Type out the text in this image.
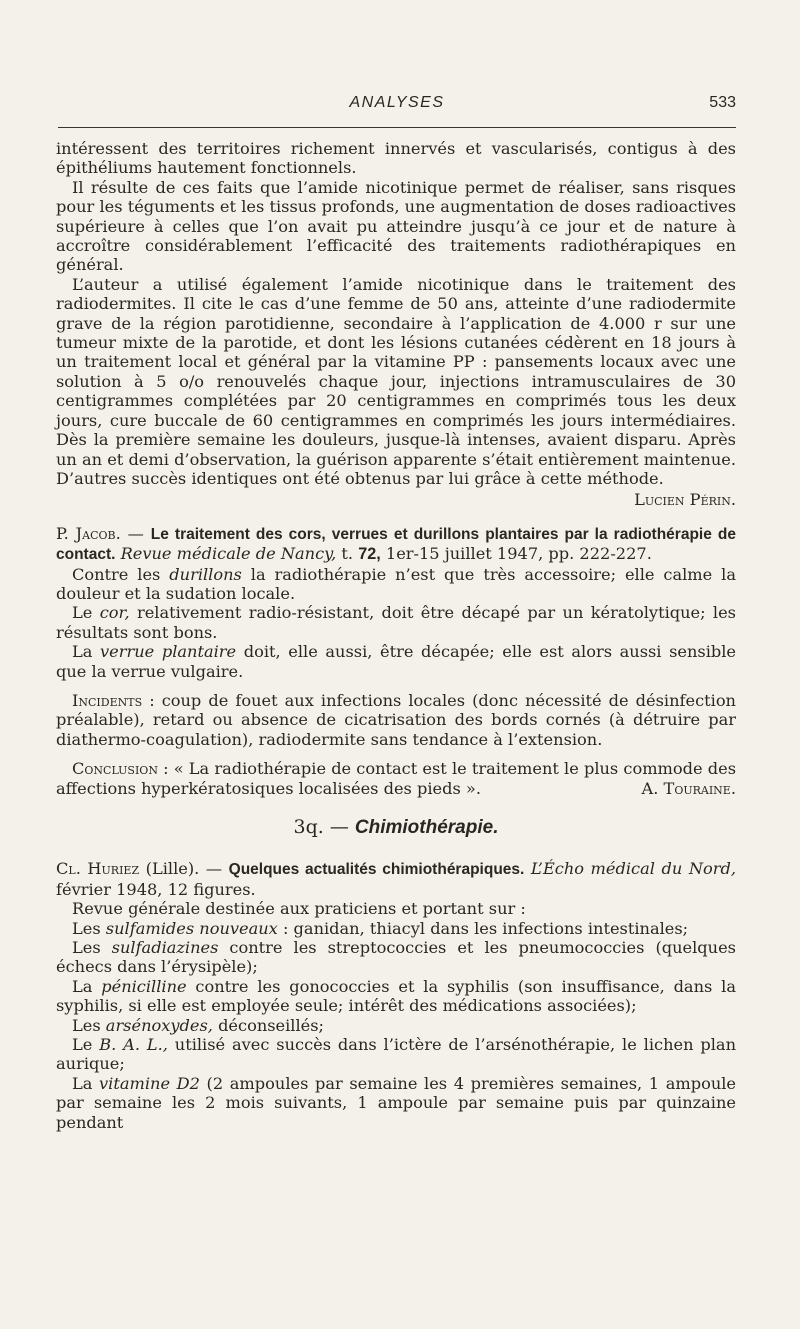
ANALYSES	533

intéressent des territoires richement innervés et vascularisés, contigus à des épithéliums hautement fonctionnels.

Il résulte de ces faits que l’amide nicotinique permet de réaliser, sans risques pour les téguments et les tissus profonds, une augmentation de doses radioactives supérieure à celles que l’on avait pu atteindre jusqu’à ce jour et de nature à accroître considérablement l’efficacité des traitements radiothérapiques en général.

L’auteur a utilisé également l’amide nicotinique dans le traitement des radiodermites. Il cite le cas d’une femme de 50 ans, atteinte d’une radiodermite grave de la région parotidienne, secondaire à l’application de 4.000 r sur une tumeur mixte de la parotide, et dont les lésions cutanées cédèrent en 18 jours à un traitement local et général par la vitamine PP : pansements locaux avec une solution à 5 o/o renouvelés chaque jour, injections intramusculaires de 30 centigrammes complétées par 20 centigrammes en comprimés tous les deux jours, cure buccale de 60 centigrammes en comprimés les jours intermédiaires. Dès la première semaine les douleurs, jusque-là intenses, avaient disparu. Après un an et demi d’observation, la guérison apparente s’était entièrement maintenue. D’autres succès identiques ont été obtenus par lui grâce à cette méthode.

Lucien Périn.

P. Jacob. — Le traitement des cors, verrues et durillons plantaires par la radiothérapie de contact. Revue médicale de Nancy, t. 72, 1er-15 juillet 1947, pp. 222-227.

Contre les durillons la radiothérapie n’est que très accessoire; elle calme la douleur et la sudation locale.

Le cor, relativement radio-résistant, doit être décapé par un kératolytique; les résultats sont bons.

La verrue plantaire doit, elle aussi, être décapée; elle est alors aussi sensible que la verrue vulgaire.

Incidents : coup de fouet aux infections locales (donc nécessité de désinfection préalable), retard ou absence de cicatrisation des bords cornés (à détruire par diathermo-coagulation), radiodermite sans tendance à l’extension.

Conclusion : « La radiothérapie de contact est le traitement le plus commode des affections hyperkératosiques localisées des pieds ».	A. Touraine.

3q. — Chimiothérapie.

Cl. Huriez (Lille). — Quelques actualités chimiothérapiques. L’Écho médical du Nord, février 1948, 12 figures.

Revue générale destinée aux praticiens et portant sur :

Les sulfamides nouveaux : ganidan, thiacyl dans les infections intestinales;

Les sulfadiazines contre les streptococcies et les pneumococcies (quelques échecs dans l’érysipèle);

La pénicilline contre les gonococcies et la syphilis (son insuffisance, dans la syphilis, si elle est employée seule; intérêt des médications associées);

Les arsénoxydes, déconseillés;

Le B. A. L., utilisé avec succès dans l’ictère de l’arsénothérapie, le lichen plan aurique;

La vitamine D2 (2 ampoules par semaine les 4 premières semaines, 1 ampoule par semaine les 2 mois suivants, 1 ampoule par semaine puis par quinzaine pendant
